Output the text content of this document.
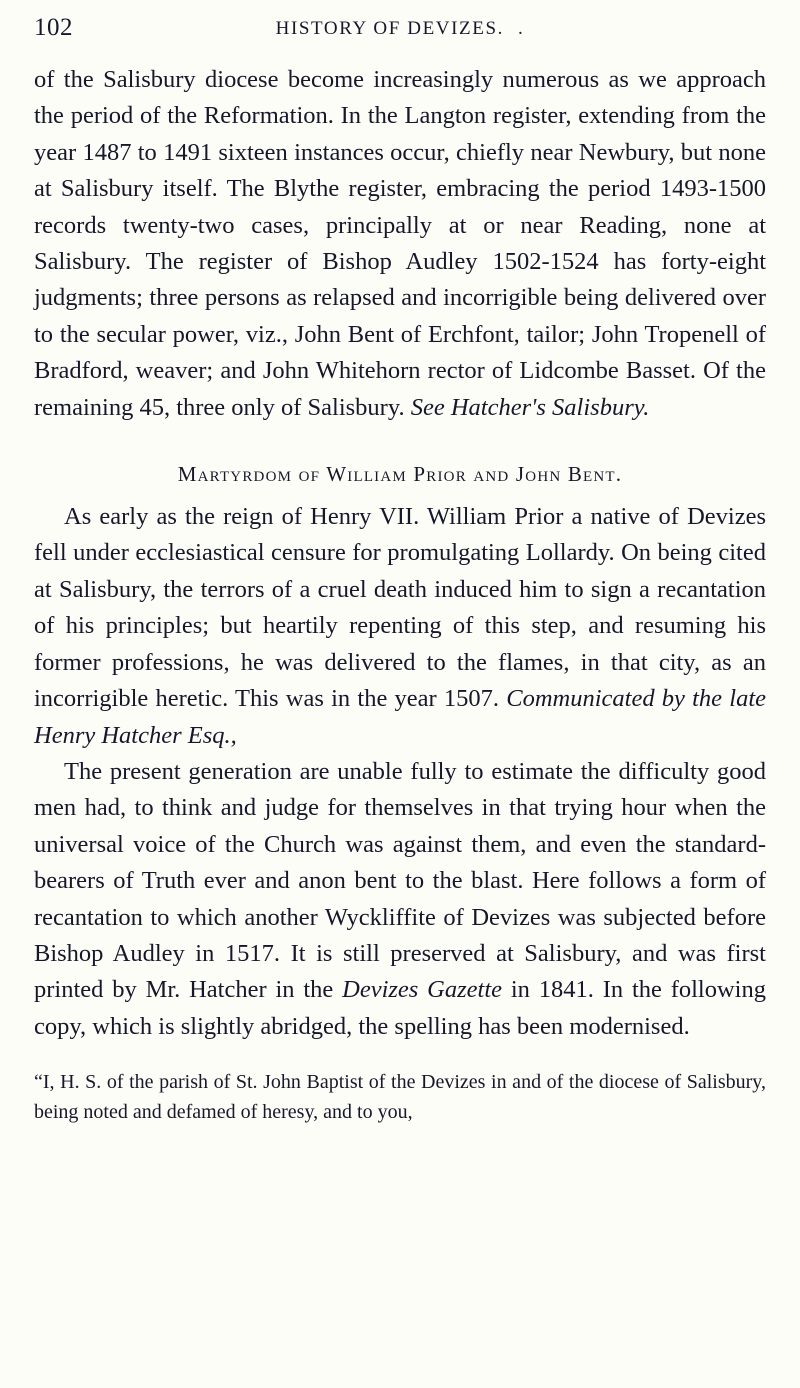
102	HISTORY OF DEVIZES. .

of the Salisbury diocese become increasingly numerous as we approach the period of the Reformation. In the Langton register, extending from the year 1487 to 1491 sixteen instances occur, chiefly near Newbury, but none at Salisbury itself. The Blythe register, embracing the period 1493-1500 records twenty-two cases, principally at or near Reading, none at Salisbury. The register of Bishop Audley 1502-1524 has forty-eight judgments; three persons as relapsed and incorrigible being delivered over to the secular power, viz., John Bent of Erchfont, tailor; John Tropenell of Bradford, weaver; and John Whitehorn rector of Lidcombe Basset. Of the remaining 45, three only of Salisbury. See Hatcher's Salisbury.

Martyrdom of William Prior and John Bent.

As early as the reign of Henry VII. William Prior a native of Devizes fell under ecclesiastical censure for promulgating Lollardy. On being cited at Salisbury, the terrors of a cruel death induced him to sign a recantation of his principles; but heartily repenting of this step, and resuming his former professions, he was delivered to the flames, in that city, as an incorrigible heretic. This was in the year 1507. Communicated by the late Henry Hatcher Esq.,

The present generation are unable fully to estimate the difficulty good men had, to think and judge for themselves in that trying hour when the universal voice of the Church was against them, and even the standard-bearers of Truth ever and anon bent to the blast. Here follows a form of recantation to which another Wyckliffite of Devizes was subjected before Bishop Audley in 1517. It is still preserved at Salisbury, and was first printed by Mr. Hatcher in the Devizes Gazette in 1841. In the following copy, which is slightly abridged, the spelling has been modernised.

“I, H. S. of the parish of St. John Baptist of the Devizes in and of the diocese of Salisbury, being noted and defamed of heresy, and to you,
